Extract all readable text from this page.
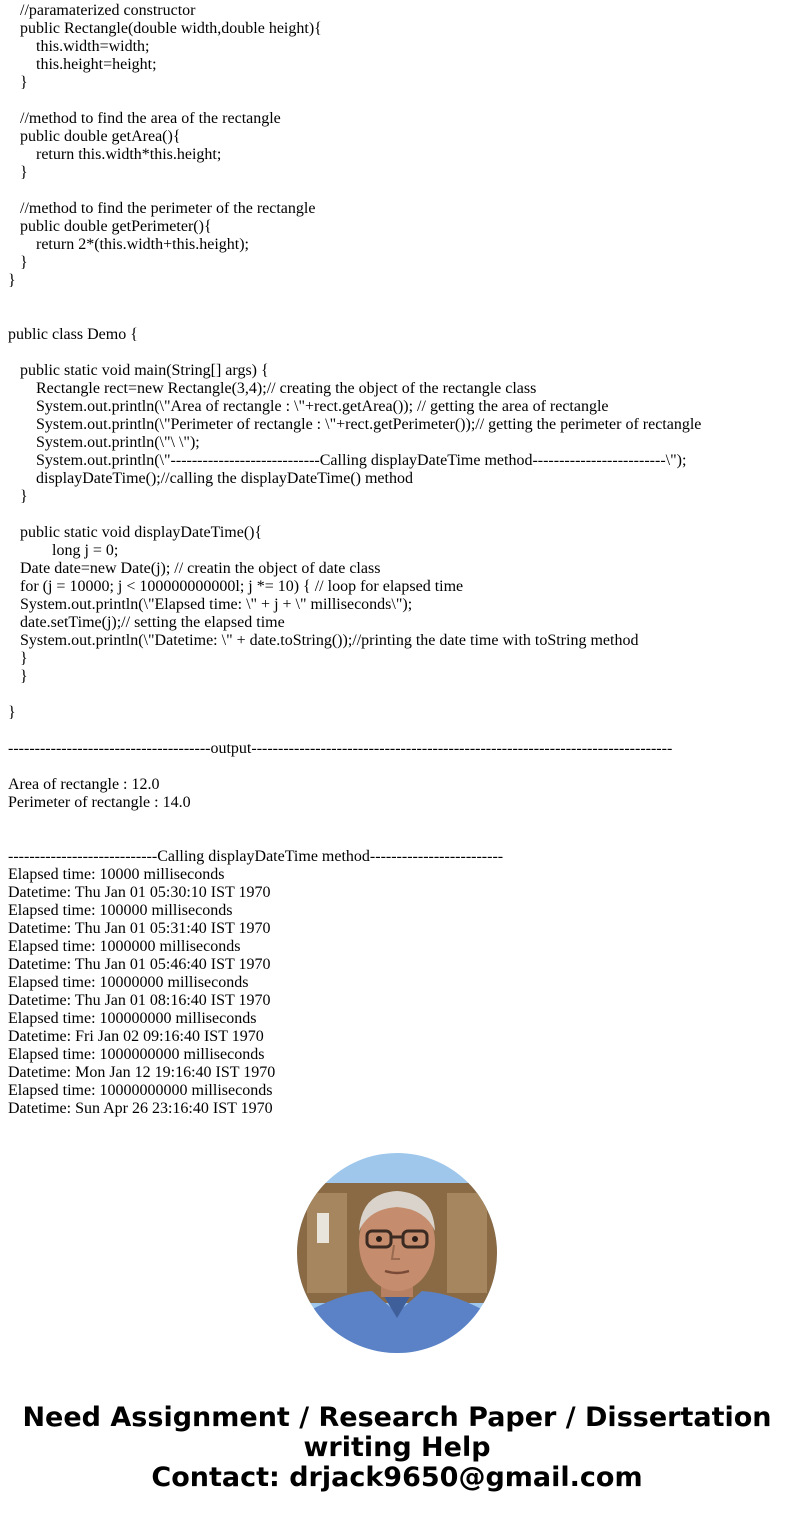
//paramaterized constructor
public Rectangle(double width,double height){
this.width=width;
this.height=height;
}
//method to find the area of the rectangle
public double getArea(){
return this.width*this.height;
}
//method to find the perimeter of the rectangle
public double getPerimeter(){
return 2*(this.width+this.height);
}
}
public class Demo {
public static void main(String[] args) {
Rectangle rect=new Rectangle(3,4);// creating the object of the rectangle class
System.out.println(\"Area of rectangle : \"+rect.getArea()); // getting the area of rectangle
System.out.println(\"Perimeter of rectangle : \"+rect.getPerimeter());// getting the perimeter of rectangle
System.out.println(\"\ \");
System.out.println(\"----------------------------Calling displayDateTime method-------------------------\");
displayDateTime();//calling the displayDateTime() method
}
public static void displayDateTime(){
long j = 0;
Date date=new Date(j); // creatin the object of date class
for (j = 10000; j < 100000000000l; j *= 10) { // loop for elapsed time
System.out.println(\"Elapsed time: \" + j + \" milliseconds\");
date.setTime(j);// setting the elapsed time
System.out.println(\"Datetime: \" + date.toString());//printing the date time with toString method
}
}
}
--------------------------------------output-------------------------------------------------------------------------------
Area of rectangle : 12.0
Perimeter of rectangle : 14.0
----------------------------Calling displayDateTime method-------------------------
Elapsed time: 10000 milliseconds
Datetime: Thu Jan 01 05:30:10 IST 1970
Elapsed time: 100000 milliseconds
Datetime: Thu Jan 01 05:31:40 IST 1970
Elapsed time: 1000000 milliseconds
Datetime: Thu Jan 01 05:46:40 IST 1970
Elapsed time: 10000000 milliseconds
Datetime: Thu Jan 01 08:16:40 IST 1970
Elapsed time: 100000000 milliseconds
Datetime: Fri Jan 02 09:16:40 IST 1970
Elapsed time: 1000000000 milliseconds
Datetime: Mon Jan 12 19:16:40 IST 1970
Elapsed time: 10000000000 milliseconds
Datetime: Sun Apr 26 23:16:40 IST 1970
Need Assignment / Research Paper / Dissertation
writing Help
Contact: drjack9650@gmail.com
